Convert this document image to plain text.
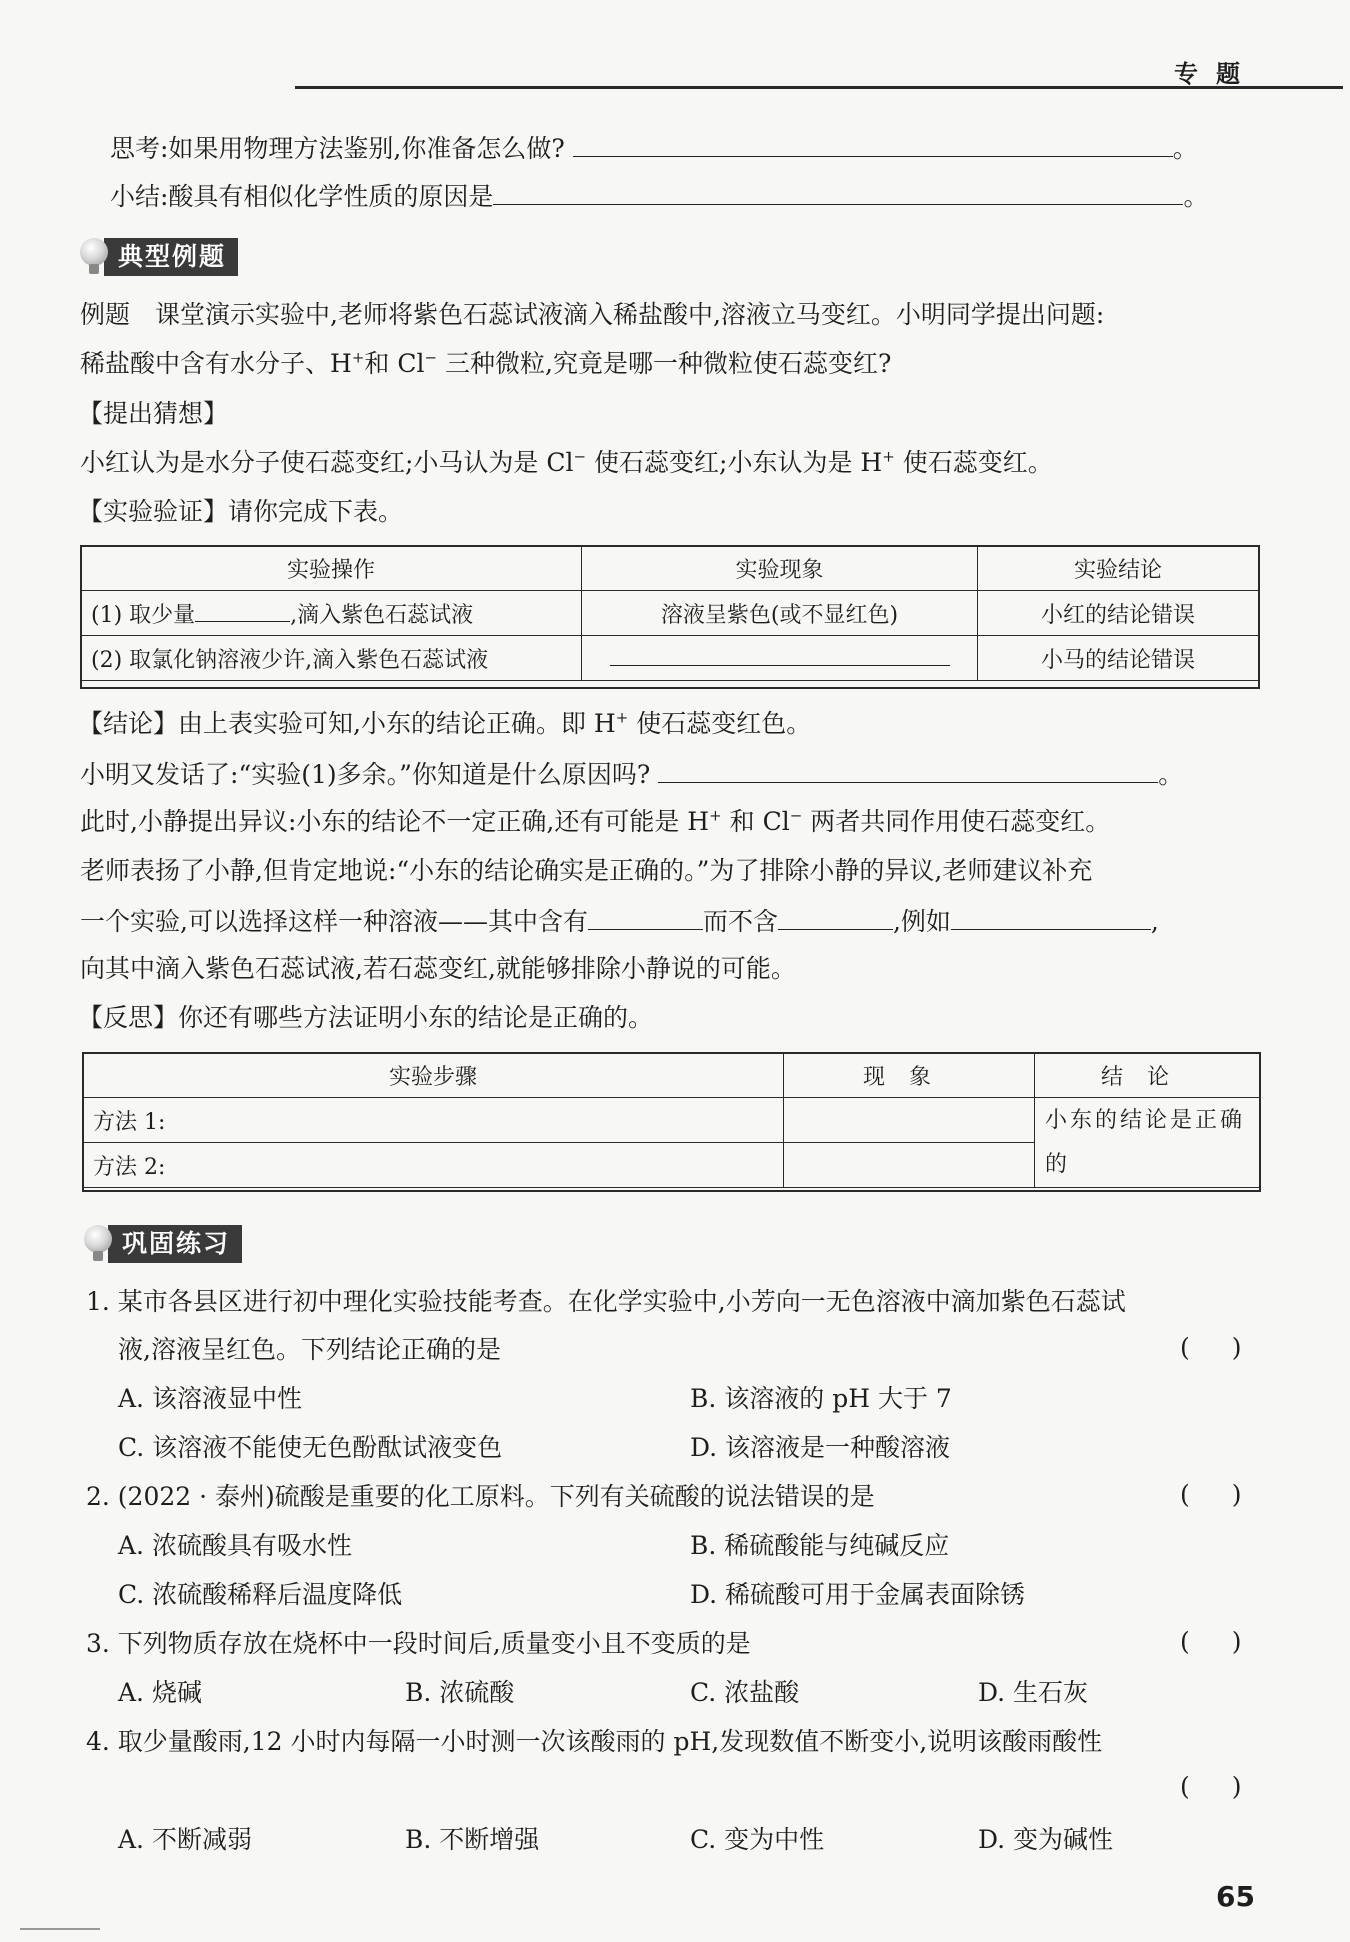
专题
思考:如果用物理方法鉴别,你准备怎么做?	。
小结:酸具有相似化学性质的原因是	。
典型例题
例题　课堂演示实验中,老师将紫色石蕊试液滴入稀盐酸中,溶液立马变红。小明同学提出问题:
稀盐酸中含有水分子、H+和 Cl− 三种微粒,究竟是哪一种微粒使石蕊变红?
【提出猜想】
小红认为是水分子使石蕊变红;小马认为是 Cl− 使石蕊变红;小东认为是 H+ 使石蕊变红。
【实验验证】请你完成下表。
实验操作	实验现象	实验结论
(1) 取少量 ,滴入紫色石蕊试液	溶液呈紫色(或不显红色)	小红的结论错误
(2) 取氯化钠溶液少许,滴入紫色石蕊试液		小马的结论错误
【结论】由上表实验可知,小东的结论正确。即 H+ 使石蕊变红色。
小明又发话了:“实验(1)多余。”你知道是什么原因吗?	。
此时,小静提出异议:小东的结论不一定正确,还有可能是 H+ 和 Cl− 两者共同作用使石蕊变红。
老师表扬了小静,但肯定地说:“小东的结论确实是正确的。”为了排除小静的异议,老师建议补充
一个实验,可以选择这样一种溶液——其中含有	而不含	,例如	,
向其中滴入紫色石蕊试液,若石蕊变红,就能够排除小静说的可能。
【反思】你还有哪些方法证明小东的结论是正确的。
实验步骤	现象	结论
方法 1:		小东的结论是正确的
方法 2:		
巩固练习
1. 某市各县区进行初中理化实验技能考查。在化学实验中,小芳向一无色溶液中滴加紫色石蕊试
液,溶液呈红色。下列结论正确的是	( )
A. 该溶液显中性	B. 该溶液的 pH 大于 7
C. 该溶液不能使无色酚酞试液变色	D. 该溶液是一种酸溶液
2. (2022 · 泰州)硫酸是重要的化工原料。下列有关硫酸的说法错误的是	( )
A. 浓硫酸具有吸水性	B. 稀硫酸能与纯碱反应
C. 浓硫酸稀释后温度降低	D. 稀硫酸可用于金属表面除锈
3. 下列物质存放在烧杯中一段时间后,质量变小且不变质的是	( )
A. 烧碱	B. 浓硫酸	C. 浓盐酸	D. 生石灰
4. 取少量酸雨,12 小时内每隔一小时测一次该酸雨的 pH,发现数值不断变小,说明该酸雨酸性
( )
A. 不断减弱	B. 不断增强	C. 变为中性	D. 变为碱性
65
